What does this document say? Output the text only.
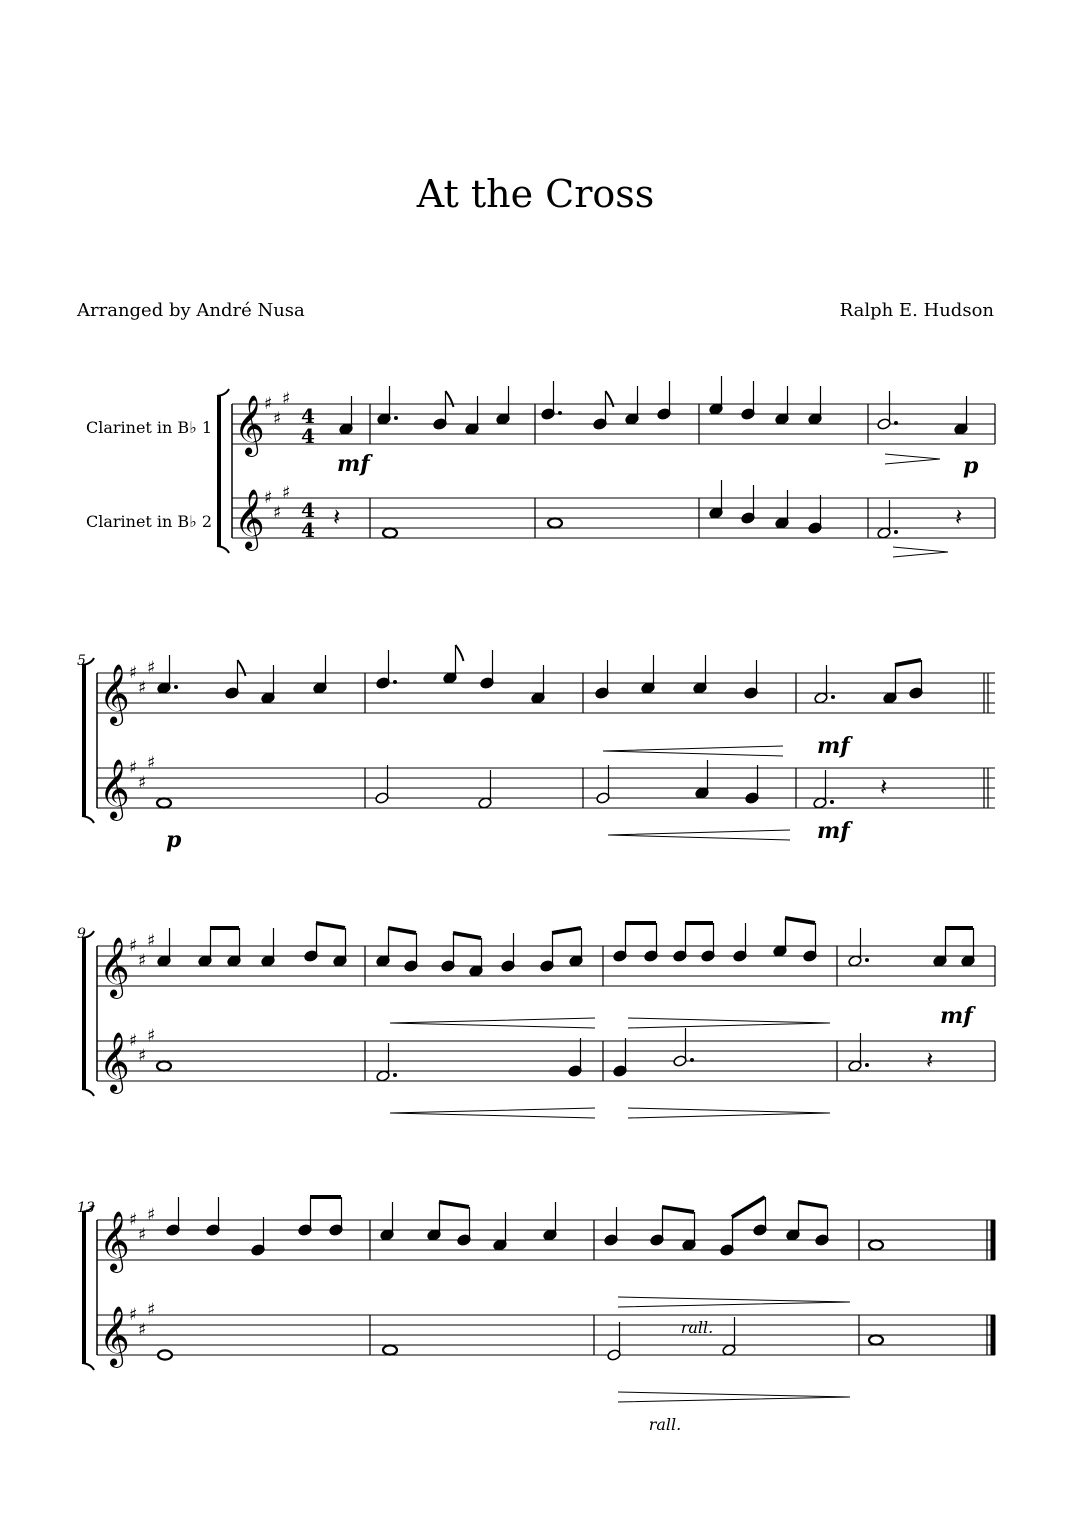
At the Cross
Arranged by André Nusa	Ralph E. Hudson
Clarinet in B♭ 1
Clarinet in B♭ 2
𝄞 ♯
♯
♯
4
4
𝄞 ♯
♯
♯
4
4
𝄞 ♯
♯
♯
𝄞 ♯
♯
♯
5
𝄞 ♯
♯
♯
𝄞 ♯
♯
♯
9
𝄞 ♯
♯
♯
𝄞 ♯
♯
♯
13
𝄽	𝄽
𝄽
𝄽
mf	p
p
mf
mf
mf
rall.
rall.
